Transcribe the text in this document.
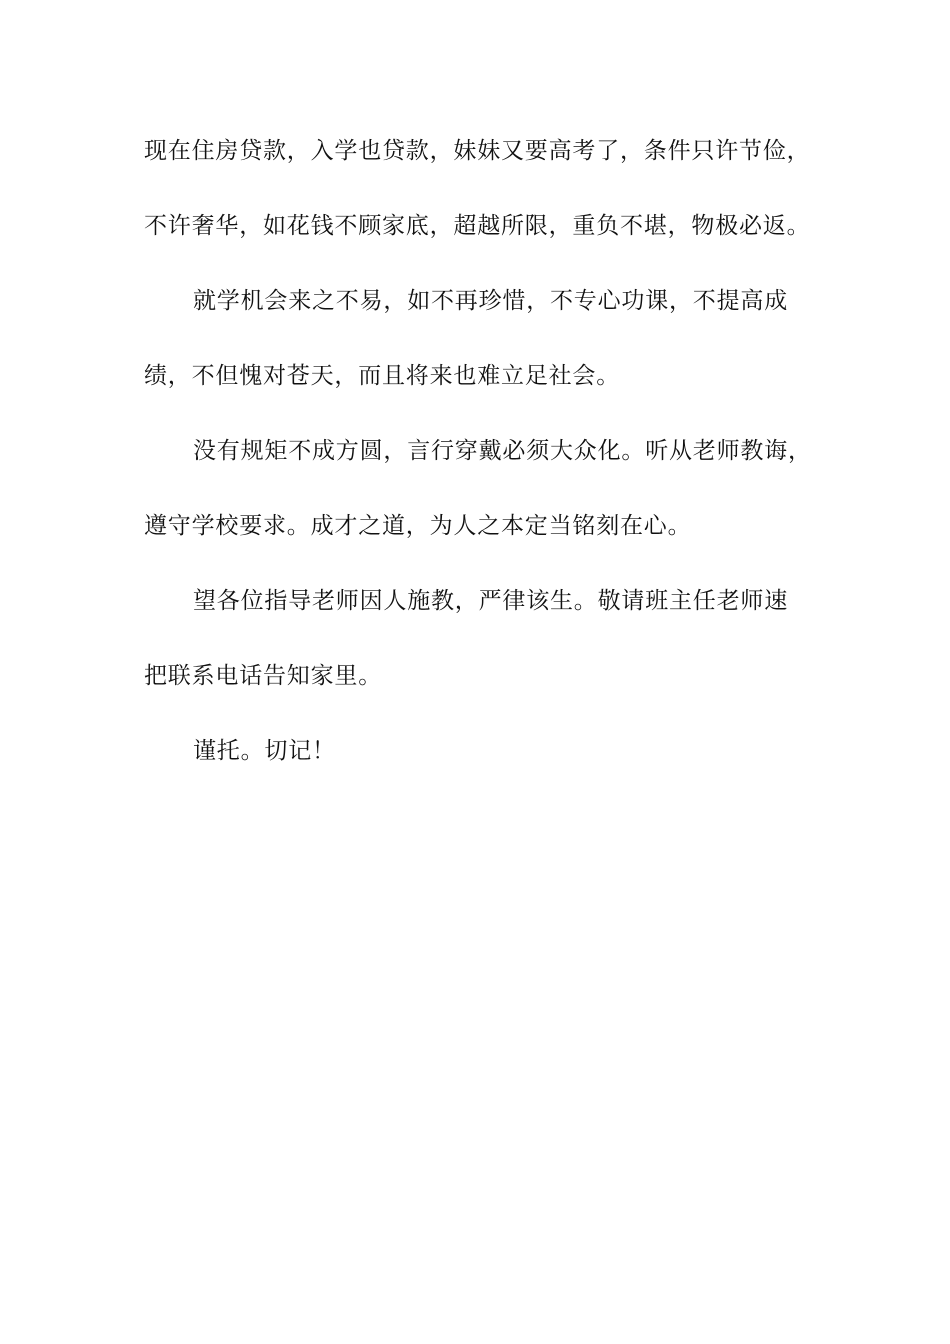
现在住房贷款，入学也贷款，妹妹又要高考了，条件只许节俭，
不许奢华，如花钱不顾家底，超越所限，重负不堪，物极必返。
就学机会来之不易，如不再珍惜，不专心功课，不提高成
绩，不但愧对苍天，而且将来也难立足社会。
没有规矩不成方圆，言行穿戴必须大众化。听从老师教诲，
遵守学校要求。成才之道，为人之本定当铭刻在心。
望各位指导老师因人施教，严律该生。敬请班主任老师速
把联系电话告知家里。
谨托。切记！
